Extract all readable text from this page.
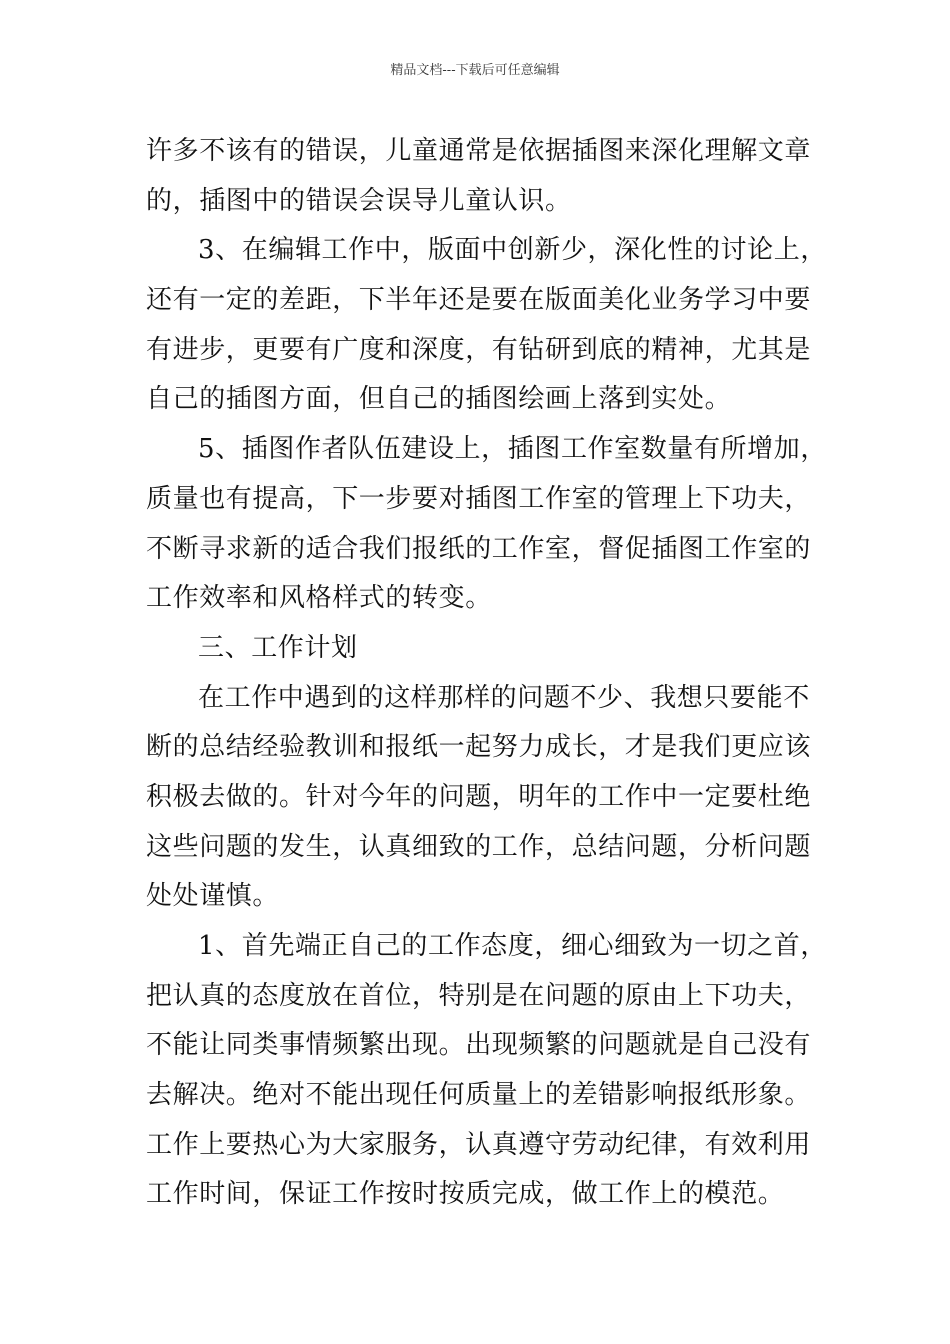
精品文档---下载后可任意编辑
许多不该有的错误，儿童通常是依据插图来深化理解文章
的，插图中的错误会误导儿童认识。
3、在编辑工作中，版面中创新少，深化性的讨论上，
还有一定的差距，下半年还是要在版面美化业务学习中要
有进步，更要有广度和深度，有钻研到底的精神，尤其是
自己的插图方面，但自己的插图绘画上落到实处。
5、插图作者队伍建设上，插图工作室数量有所增加，
质量也有提高，下一步要对插图工作室的管理上下功夫，
不断寻求新的适合我们报纸的工作室，督促插图工作室的
工作效率和风格样式的转变。
三、工作计划
在工作中遇到的这样那样的问题不少、我想只要能不
断的总结经验教训和报纸一起努力成长，才是我们更应该
积极去做的。针对今年的问题，明年的工作中一定要杜绝
这些问题的发生，认真细致的工作，总结问题，分析问题
处处谨慎。
1、首先端正自己的工作态度，细心细致为一切之首，
把认真的态度放在首位，特别是在问题的原由上下功夫，
不能让同类事情频繁出现。出现频繁的问题就是自己没有
去解决。绝对不能出现任何质量上的差错影响报纸形象。
工作上要热心为大家服务，认真遵守劳动纪律，有效利用
工作时间，保证工作按时按质完成，做工作上的模范。
